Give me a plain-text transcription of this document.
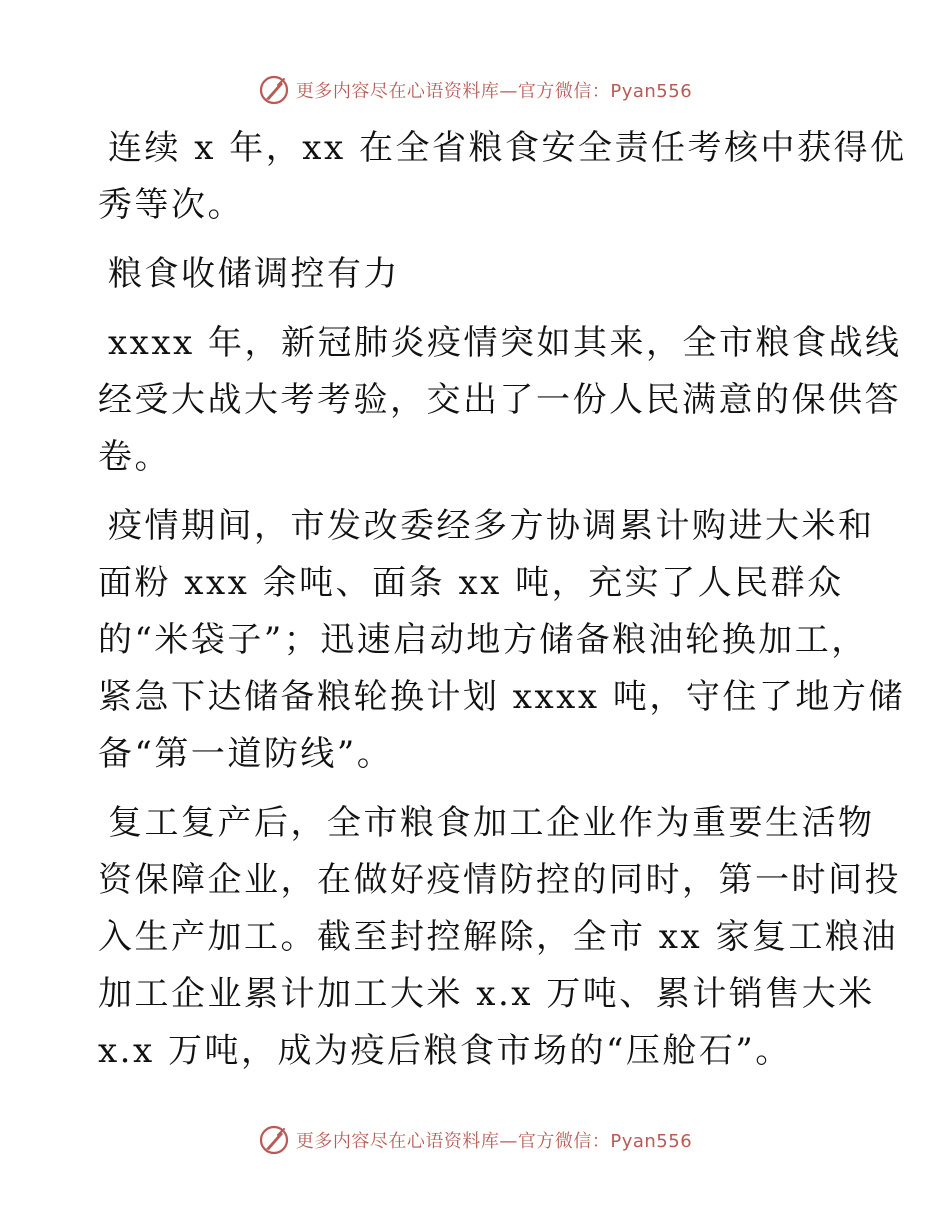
更多内容尽在心语资料库—官方微信：Pyan556

连续 x 年，xx 在全省粮食安全责任考核中获得优
秀等次。

粮食收储调控有力

xxxx 年，新冠肺炎疫情突如其来，全市粮食战线
经受大战大考考验，交出了一份人民满意的保供答
卷。

疫情期间，市发改委经多方协调累计购进大米和
面粉 xxx 余吨、面条 xx 吨，充实了人民群众
的“米袋子”；迅速启动地方储备粮油轮换加工，
紧急下达储备粮轮换计划 xxxx 吨，守住了地方储
备“第一道防线”。

复工复产后，全市粮食加工企业作为重要生活物
资保障企业，在做好疫情防控的同时，第一时间投
入生产加工。截至封控解除，全市 xx 家复工粮油
加工企业累计加工大米 x.x 万吨、累计销售大米
x.x 万吨，成为疫后粮食市场的“压舱石”。

更多内容尽在心语资料库—官方微信：Pyan556
